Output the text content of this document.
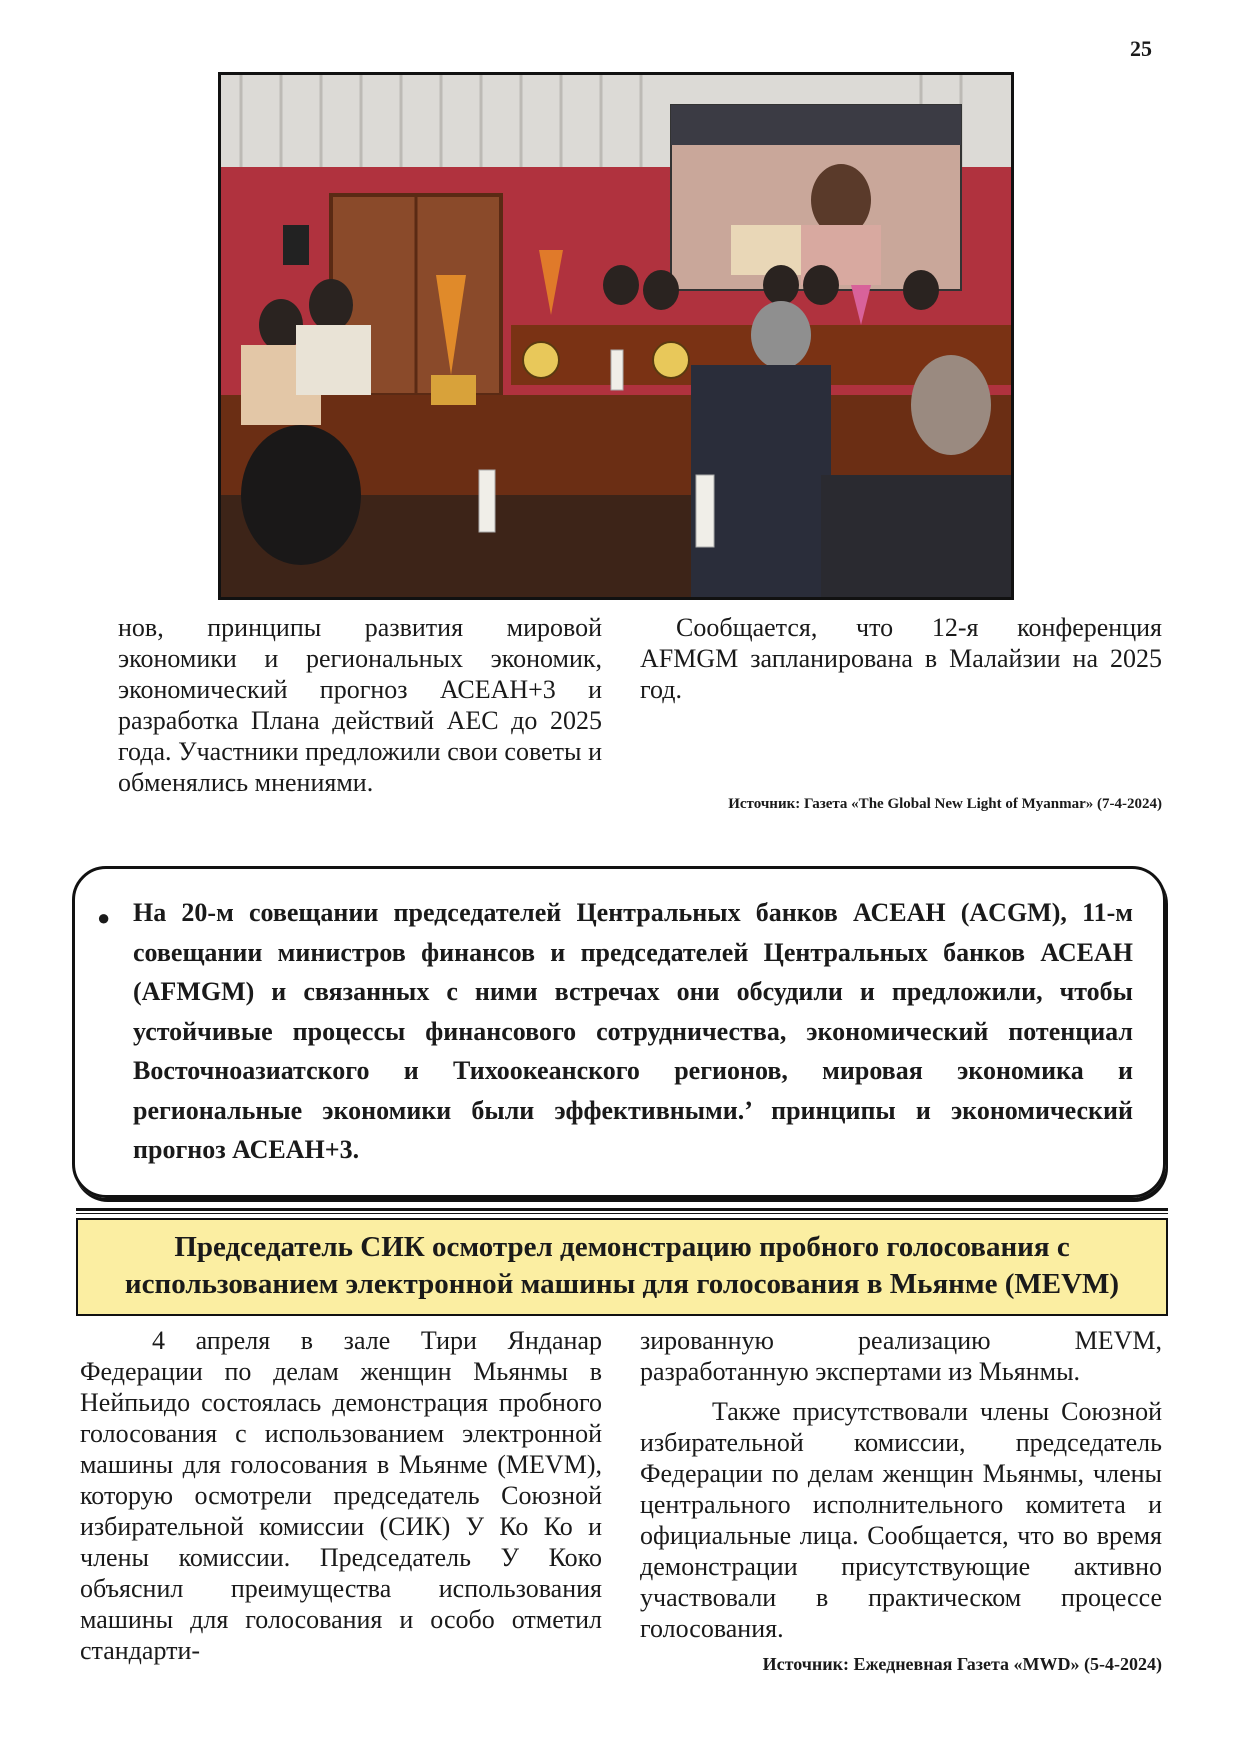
25

нов, принципы развития мировой экономики и региональных экономик, экономический прогноз АСЕАН+3 и разработка Плана действий АЕС до 2025 года. Участники предложили свои советы и обменялись мнениями.

Сообщается, что 12-я конференция AFMGM запланирована в Малайзии на 2025 год.

Источник: Газета «The Global New Light of Myanmar» (7-4-2024)
● На 20-м совещании председателей Центральных банков АСЕАН (ACGM), 11-м совещании министров финансов и председателей Центральных банков АСЕАН (AFMGM) и связанных с ними встречах они обсудили и предложили, чтобы устойчивые процессы финансового сотрудничества, экономический потенциал Восточноазиатского и Тихоокеанского регионов, мировая экономика и региональные экономики были эффективными.’ принципы и экономический прогноз АСЕАН+3.
Председатель СИК осмотрел демонстрацию пробного голосования с использованием электронной машины для голосования в Мьянме (MEVM)

4 апреля в зале Тири Янданар Федерации по делам женщин Мьянмы в Нейпьидо состоялась демонстрация пробного голосования с использованием электронной машины для голосования в Мьянме (MEVM), которую осмотрели председатель Союзной избирательной комиссии (СИК) У Ко Ко и члены комиссии. Председатель У Коко объяснил преимущества использования машины для голосования и особо отметил стандарти-

зированную реализацию MEVM, разработанную экспертами из Мьянмы.

Также присутствовали члены Союзной избирательной комиссии, председатель Федерации по делам женщин Мьянмы, члены центрального исполнительного комитета и официальные лица. Сообщается, что во время демонстрации присутствующие активно участвовали в практическом процессе голосования.

Источник: Ежедневная Газета «MWD» (5-4-2024)
